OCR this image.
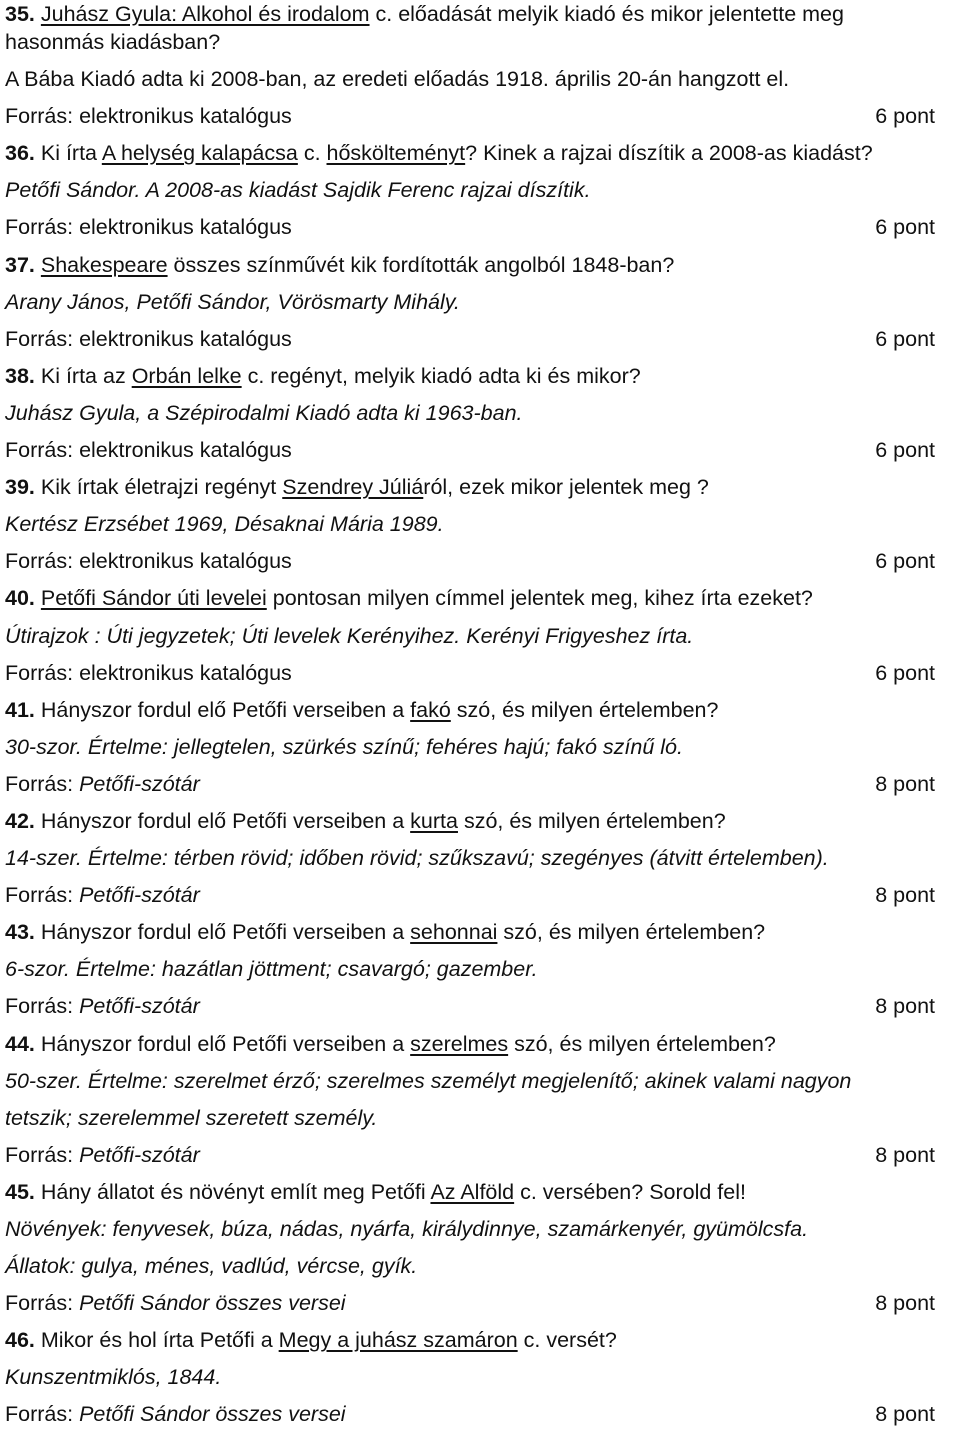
35. Juhász Gyula: Alkohol és irodalom c. előadását melyik kiadó és mikor jelentette meg
hasonmás kiadásban?
A Bába Kiadó adta ki 2008-ban, az eredeti előadás 1918. április 20-án hangzott el.
Forrás: elektronikus katalógus	6 pont
36. Ki írta A helység kalapácsa c. hőskölteményt? Kinek a rajzai díszítik a 2008-as kiadást?
Petőfi Sándor. A 2008-as kiadást Sajdik Ferenc rajzai díszítik.
Forrás: elektronikus katalógus	6 pont
37. Shakespeare összes színművét kik fordították angolból 1848-ban?
Arany János, Petőfi Sándor, Vörösmarty Mihály.
Forrás: elektronikus katalógus	6 pont
38. Ki írta az Orbán lelke c. regényt, melyik kiadó adta ki és mikor?
Juhász Gyula, a Szépirodalmi Kiadó adta ki 1963-ban.
Forrás: elektronikus katalógus	6 pont
39. Kik írtak életrajzi regényt Szendrey Júliáról, ezek mikor jelentek meg ?
Kertész Erzsébet 1969, Désaknai Mária 1989.
Forrás: elektronikus katalógus	6 pont
40. Petőfi Sándor úti levelei pontosan milyen címmel jelentek meg, kihez írta ezeket?
Útirajzok : Úti jegyzetek; Úti levelek Kerényihez. Kerényi Frigyeshez írta.
Forrás: elektronikus katalógus	6 pont
41. Hányszor fordul elő Petőfi verseiben a fakó szó, és milyen értelemben?
30-szor. Értelme: jellegtelen, szürkés színű; fehéres hajú; fakó színű ló.
Forrás: Petőfi-szótár	8 pont
42. Hányszor fordul elő Petőfi verseiben a kurta szó, és milyen értelemben?
14-szer. Értelme: térben rövid; időben rövid; szűkszavú; szegényes (átvitt értelemben).
Forrás: Petőfi-szótár	8 pont
43. Hányszor fordul elő Petőfi verseiben a sehonnai szó, és milyen értelemben?
6-szor. Értelme: hazátlan jöttment; csavargó; gazember.
Forrás: Petőfi-szótár	8 pont
44. Hányszor fordul elő Petőfi verseiben a szerelmes szó, és milyen értelemben?
50-szer. Értelme: szerelmet érző; szerelmes személyt megjelenítő; akinek valami nagyon
tetszik; szerelemmel szeretett személy.
Forrás: Petőfi-szótár	8 pont
45. Hány állatot és növényt említ meg Petőfi Az Alföld c. versében? Sorold fel!
Növények: fenyvesek, búza, nádas, nyárfa, királydinnye, szamárkenyér, gyümölcsfa.
Állatok: gulya, ménes, vadlúd, vércse, gyík.
Forrás: Petőfi Sándor összes versei	8 pont
46. Mikor és hol írta Petőfi a Megy a juhász szamáron c. versét?
Kunszentmiklós, 1844.
Forrás: Petőfi Sándor összes versei	8 pont
